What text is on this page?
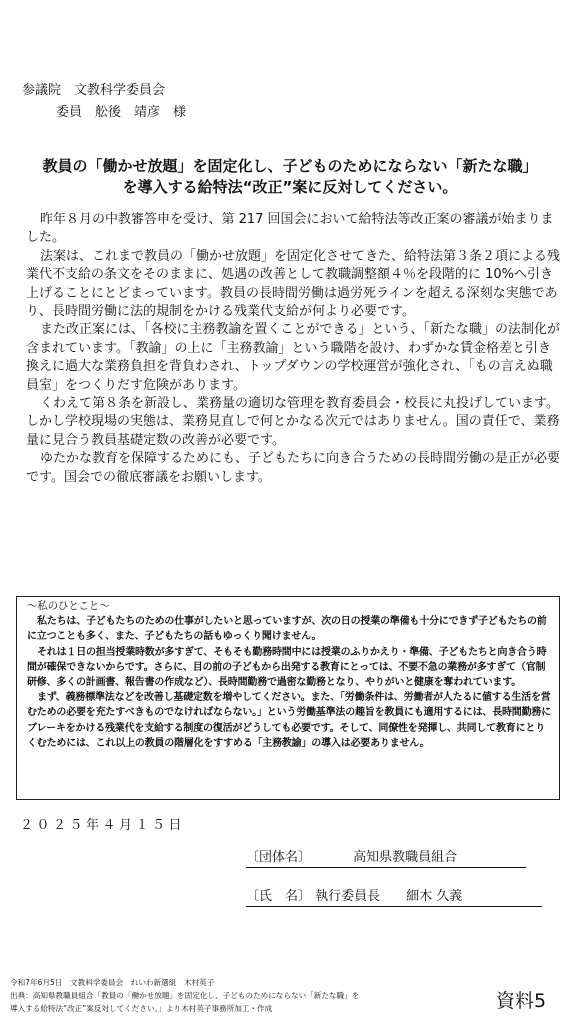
参議院　文教科学委員会
委員　舩後　靖彦　様
教員の「働かせ放題」を固定化し、子どものためにならない「新たな職」
を導入する給特法“改正”案に反対してください。

昨年８月の中教審答申を受け、第 217 回国会において給特法等改正案の審議が始まりました。

法案は、これまで教員の「働かせ放題」を固定化させてきた、給特法第３条２項による残業代不支給の条文をそのままに、処遇の改善として教職調整額４％を段階的に 10%へ引き上げることにとどまっています。教員の長時間労働は過労死ラインを超える深刻な実態であり、長時間労働に法的規制をかける残業代支給が何より必要です。

また改正案には、「各校に主務教諭を置くことができる」という、「新たな職」の法制化が含まれています。「教諭」の上に「主務教諭」という職階を設け、わずかな賃金格差と引き換えに過大な業務負担を背負わされ、トップダウンの学校運営が強化され、「もの言えぬ職員室」をつくりだす危険があります。

くわえて第８条を新設し、業務量の適切な管理を教育委員会・校長に丸投げしています。しかし学校現場の実態は、業務見直しで何とかなる次元ではありません。国の責任で、業務量に見合う教員基礎定数の改善が必要です。

ゆたかな教育を保障するためにも、子どもたちに向き合うための長時間労働の是正が必要です。国会での徹底審議をお願いします。

～私のひとこと～

私たちは、子どもたちのための仕事がしたいと思っていますが、次の日の授業の準備も十分にできず子どもたちの前に立つことも多く、また、子どもたちの話もゆっくり聞けません。

それは１日の担当授業時数が多すぎて、そもそも勤務時間中には授業のふりかえり・準備、子どもたちと向き合う時間が確保できないからです。さらに、目の前の子どもから出発する教育にとっては、不要不急の業務が多すぎて（官制研修、多くの計画書、報告書の作成など）、長時間勤務で過密な勤務となり、やりがいと健康を奪われています。

まず、義務標準法などを改善し基礎定数を増やしてください。また、「労働条件は、労働者が人たるに値する生活を営むための必要を充たすべきものでなければならない。」という労働基準法の趣旨を教員にも適用するには、長時間勤務にブレーキをかける残業代を支給する制度の復活がどうしても必要です。そして、同僚性を発揮し、共同して教育にとりくむためには、これ以上の教員の階層化をすすめる「主務教諭」の導入は必要ありません。

２０２５年４月１５日
〔団体名〕	高知県教職員組合
〔氏　名〕 執行委員長　　細木 久義
令和7年6月5日　文教科学委員会　れいわ新選組　木村英子
出典：高知県教職員組合「教員の「働かせ放題」を固定化し、子どものためにならない「新たな職」を
導入する給特法“改正”案反対してください。」より木村英子事務所加工・作成	資料5
